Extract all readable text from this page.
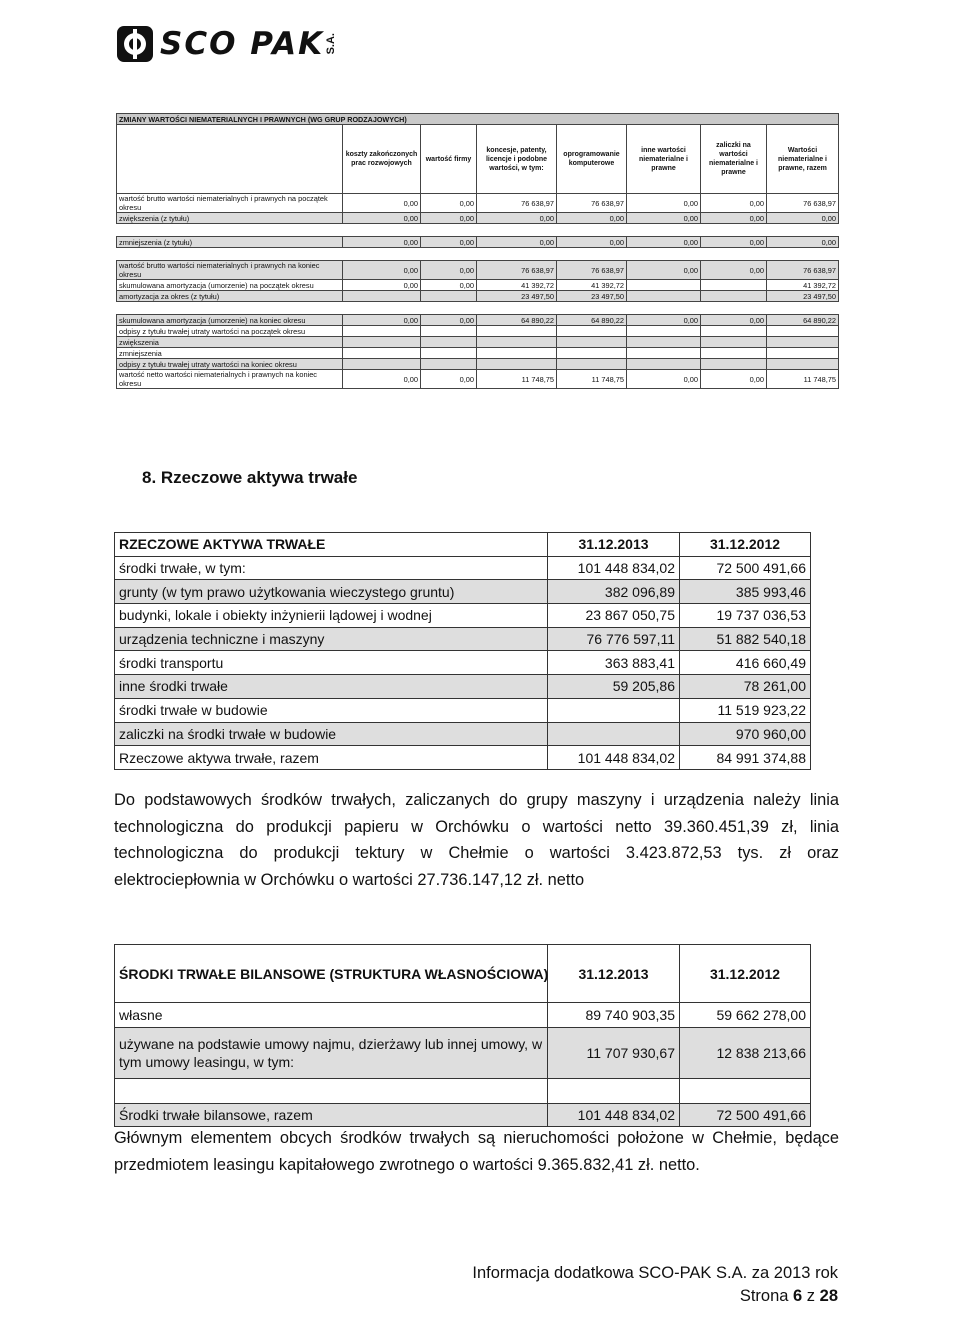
SCO PAK S.A.
ZMIANY WARTOŚCI NIEMATERIALNYCH I PRAWNYCH (WG GRUP RODZAJOWYCH)							
	koszty zakończonych prac rozwojowych	wartość firmy	koncesje, patenty, licencje i podobne wartości, w tym:	oprogramowanie komputerowe	inne wartości niematerialne i prawne	zaliczki na wartości niematerialne i prawne	Wartości niematerialne i prawne, razem
wartość brutto wartości niematerialnych i prawnych na początek okresu	0,00	0,00	76 638,97	76 638,97	0,00	0,00	76 638,97
zwiększenia (z tytułu)	0,00	0,00	0,00	0,00	0,00	0,00	0,00

zmniejszenia (z tytułu)	0,00	0,00	0,00	0,00	0,00	0,00	0,00

wartość brutto wartości niematerialnych i prawnych na koniec okresu	0,00	0,00	76 638,97	76 638,97	0,00	0,00	76 638,97
skumulowana amortyzacja (umorzenie) na początek okresu	0,00	0,00	41 392,72	41 392,72			41 392,72
amortyzacja za okres (z tytułu)			23 497,50	23 497,50			23 497,50

skumulowana amortyzacja (umorzenie) na koniec okresu	0,00	0,00	64 890,22	64 890,22	0,00	0,00	64 890,22
odpisy z tytułu trwałej utraty wartości na początek okresu							
zwiększenia							
zmniejszenia							
odpisy z tytułu trwałej utraty wartości na koniec okresu							
wartość netto wartości niematerialnych i prawnych na koniec okresu	0,00	0,00	11 748,75	11 748,75	0,00	0,00	11 748,75
8. Rzeczowe aktywa trwałe
RZECZOWE AKTYWA TRWAŁE	31.12.2013	31.12.2012
środki trwałe, w tym:	101 448 834,02	72 500 491,66
grunty (w tym prawo użytkowania wieczystego gruntu)	382 096,89	385 993,46
budynki, lokale i obiekty inżynierii lądowej i wodnej	23 867 050,75	19 737 036,53
urządzenia techniczne i maszyny	76 776 597,11	51 882 540,18
środki transportu	363 883,41	416 660,49
inne środki trwałe	59 205,86	78 261,00
środki trwałe w budowie		11 519 923,22
zaliczki na środki trwałe w budowie		970 960,00
Rzeczowe aktywa trwałe, razem	101 448 834,02	84 991 374,88
Do podstawowych środków trwałych, zaliczanych do grupy maszyny i urządzenia należy linia technologiczna do produkcji papieru w Orchówku o wartości netto 39.360.451,39 zł, linia technologiczna do produkcji tektury w Chełmie o wartości 3.423.872,53 tys. zł oraz elektrociepłownia w Orchówku o wartości 27.736.147,12 zł. netto
ŚRODKI TRWAŁE BILANSOWE (STRUKTURA WŁASNOŚCIOWA)	31.12.2013	31.12.2012
własne	89 740 903,35	59 662 278,00
używane na podstawie umowy najmu, dzierżawy lub innej umowy, w tym umowy leasingu, w tym:	11 707 930,67	12 838 213,66

Środki trwałe bilansowe, razem	101 448 834,02	72 500 491,66
Głównym elementem obcych środków trwałych są nieruchomości położone w Chełmie, będące przedmiotem leasingu kapitałowego zwrotnego o wartości 9.365.832,41 zł. netto.
Informacja dodatkowa SCO-PAK S.A. za 2013 rok
Strona 6 z 28
